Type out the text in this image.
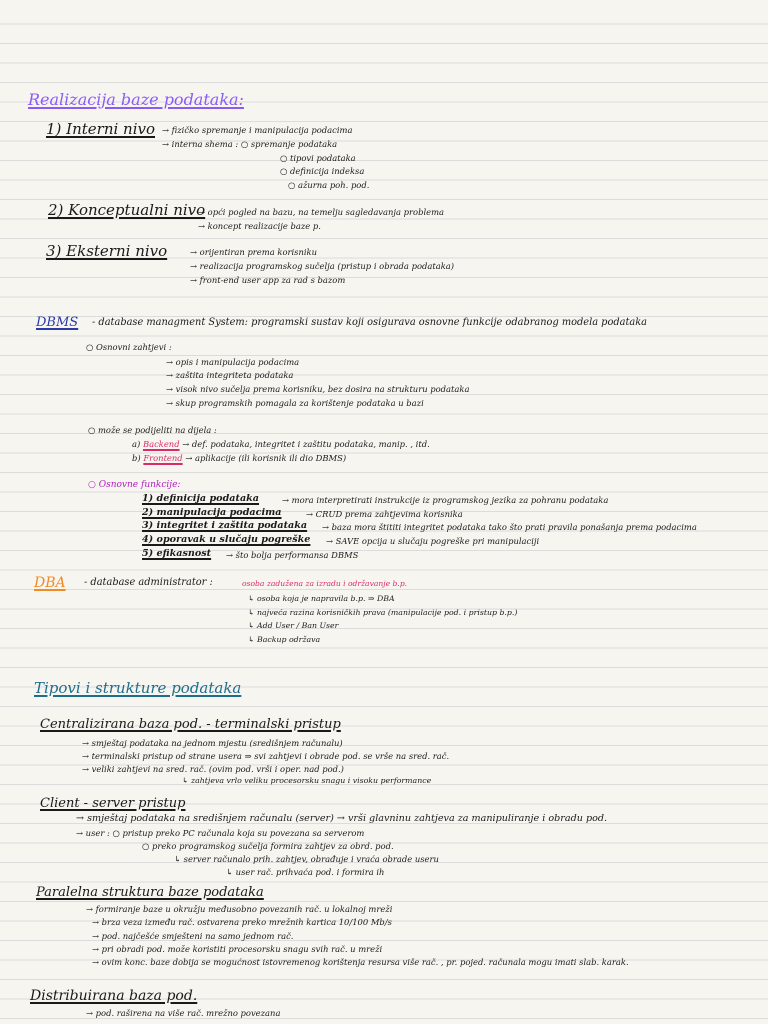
Realizacija baze podataka:
1) Interni nivo → fizičko spremanje i manipulacija podacima
→ interna shema : ○ spremanje podataka
○ tipovi podataka
○ definicija indeksa
○ ažurna poh. pod.
2) Konceptualni nivo
→ opći pogled na bazu, na temelju sagledavanja problema
→ koncept realizacije baze p.
3) Eksterni nivo	→ orijentiran prema korisniku
→ realizacija programskog sučelja (pristup i obrada podataka)
→ front-end user app za rad s bazom
DBMS - database managment System: programski sustav koji osigurava osnovne funkcije odabranog modela podataka
○ Osnovni zahtjevi :
→ opis i manipulacija podacima
→ zaštita integriteta podataka
→ visok nivo sučelja prema korisniku, bez dosira na strukturu podataka
→ skup programskih pomagala za korištenje podataka u bazi
○ može se podijeliti na dijela :
a) Backend → def. podataka, integritet i zaštitu podataka, manip. , itd.
b) Frontend → aplikacije (ili korisnik ili dio DBMS)
○ Osnovne funkcije:
1) definicija podataka	→ mora interpretirati instrukcije iz programskog jezika za pohranu podataka
2) manipulacija podacima	→ CRUD prema zahtjevima korisnika
3) integritet i zaštita podataka → baza mora štititi integritet podataka tako što prati pravila ponašanja prema podacima
4) oporavak u slučaju pogreške → SAVE opcija u slučaju pogreške pri manipulaciji
5) efikasnost → što bolja performansa DBMS
DBA - database administrator :	osoba zadužena za izradu i održavanje b.p.
↳ osoba koja je napravila b.p. ⇒ DBA
↳ najveća razina korisničkih prava (manipulacije pod. i pristup b.p.)
↳ Add User / Ban User
↳ Backup održava
Tipovi i strukture podataka
Centralizirana baza pod. - terminalski pristup
→ smještaj podataka na jednom mjestu (središnjem računalu)
→ terminalski pristup od strane usera ⇒ svi zahtjevi i obrade pod. se vrše na sred. rač.
→ veliki zahtjevi na sred. rač. (ovim pod. vrši i oper. nad pod.)
↳ zahtjeva vrlo veliku procesorsku snagu i visoku performance
Client - server pristup
→ smještaj podataka na središnjem računalu (server) → vrši glavninu zahtjeva za manipuliranje i obradu pod.
→ user : ○ pristup preko PC računala koja su povezana sa serverom
○ preko programskog sučelja formira zahtjev za obrd. pod.
↳ server računalo prih. zahtjev, obrađuje i vraća obrade useru
↳ user rač. prihvaća pod. i formira ih
Paralelna struktura baze podataka
→ formiranje baze u okružju međusobno povezanih rač. u lokalnoj mreži
→ brza veza između rač. ostvarena preko mrežnih kartica 10/100 Mb/s
→ pod. najčešće smješteni na samo jednom rač.
→ pri obradi pod. može koristiti procesorsku snagu svih rač. u mreži
→ ovim konc. baze dobija se mogućnost istovremenog korištenja resursa više rač. , pr. pojed. računala mogu imati slab. karak.
Distribuirana baza pod.
→ pod. raširena na više rač. mrežno povezana
